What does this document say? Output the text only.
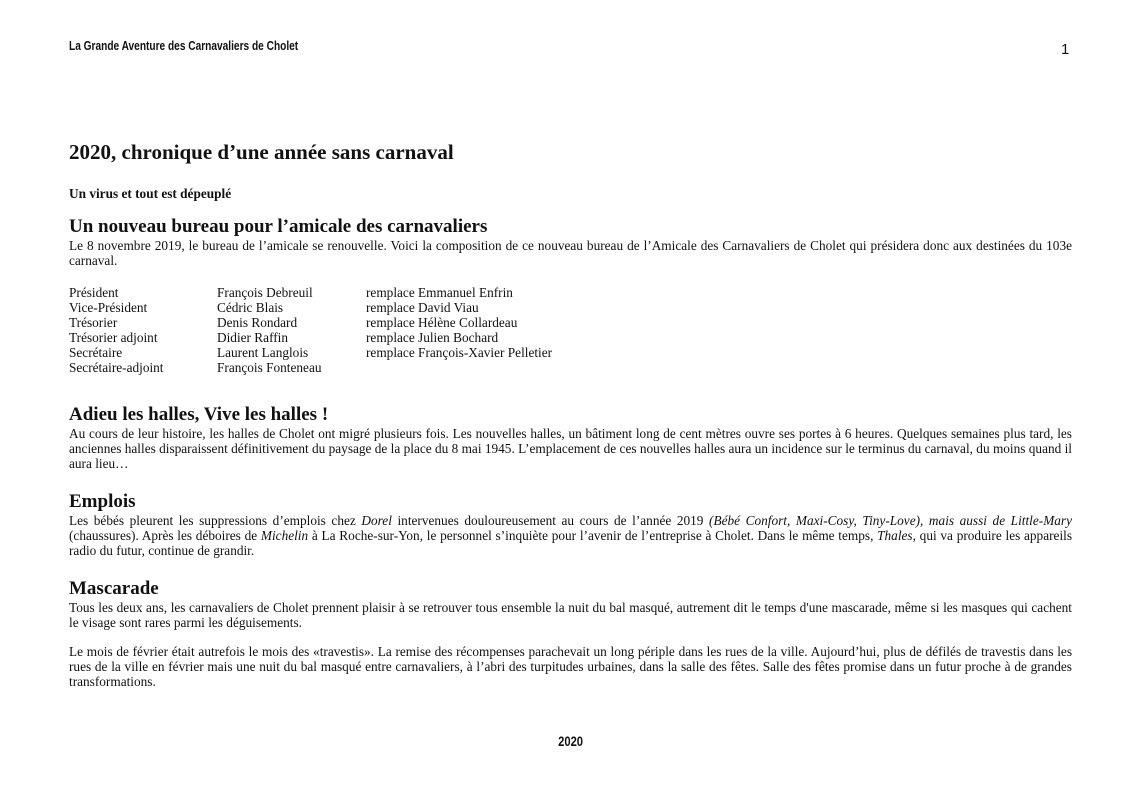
La Grande Aventure des Carnavaliers de Cholet	1
2020, chronique d’une année sans carnaval
Un virus et tout est dépeuplé
Un nouveau bureau pour l’amicale des carnavaliers

Le 8 novembre 2019, le bureau de l’amicale se renouvelle. Voici la composition de ce nouveau bureau de l’Amicale des Carnavaliers de Cholet qui présidera donc aux destinées du 103e carnaval.

Président	François Debreuil	remplace Emmanuel Enfrin
Vice-Président	Cédric Blais	remplace David Viau
Trésorier	Denis Rondard	remplace Hélène Collardeau
Trésorier adjoint	Didier Raffin	remplace Julien Bochard
Secrétaire	Laurent Langlois	remplace François-Xavier Pelletier
Secrétaire-adjoint	François Fonteneau	
Adieu les halles, Vive les halles !

Au cours de leur histoire, les halles de Cholet ont migré plusieurs fois. Les nouvelles halles, un bâtiment long de cent mètres ouvre ses portes à 6 heures. Quelques semaines plus tard, les anciennes halles disparaissent définitivement du paysage de la place du 8 mai 1945. L’emplacement de ces nouvelles halles aura un incidence sur le terminus du carnaval, du moins quand il aura lieu…

Emplois

Les bébés pleurent les suppressions d’emplois chez Dorel intervenues douloureusement au cours de l’année 2019 (Bébé Confort, Maxi-Cosy, Tiny-Love), mais aussi de Little-Mary (chaussures). Après les déboires de Michelin à La Roche-sur-Yon, le personnel s’inquiète pour l’avenir de l’entreprise à Cholet. Dans le même temps, Thales, qui va produire les appareils radio du futur, continue de grandir.

Mascarade

Tous les deux ans, les carnavaliers de Cholet prennent plaisir à se retrouver tous ensemble la nuit du bal masqué, autrement dit le temps d'une mascarade, même si les masques qui cachent le visage sont rares parmi les déguisements.

Le mois de février était autrefois le mois des «travestis». La remise des récompenses parachevait un long périple dans les rues de la ville. Aujourd’hui, plus de défilés de travestis dans les rues de la ville en février mais une nuit du bal masqué entre carnavaliers, à l’abri des turpitudes urbaines, dans la salle des fêtes. Salle des fêtes promise dans un futur proche à de grandes transformations.

2020
